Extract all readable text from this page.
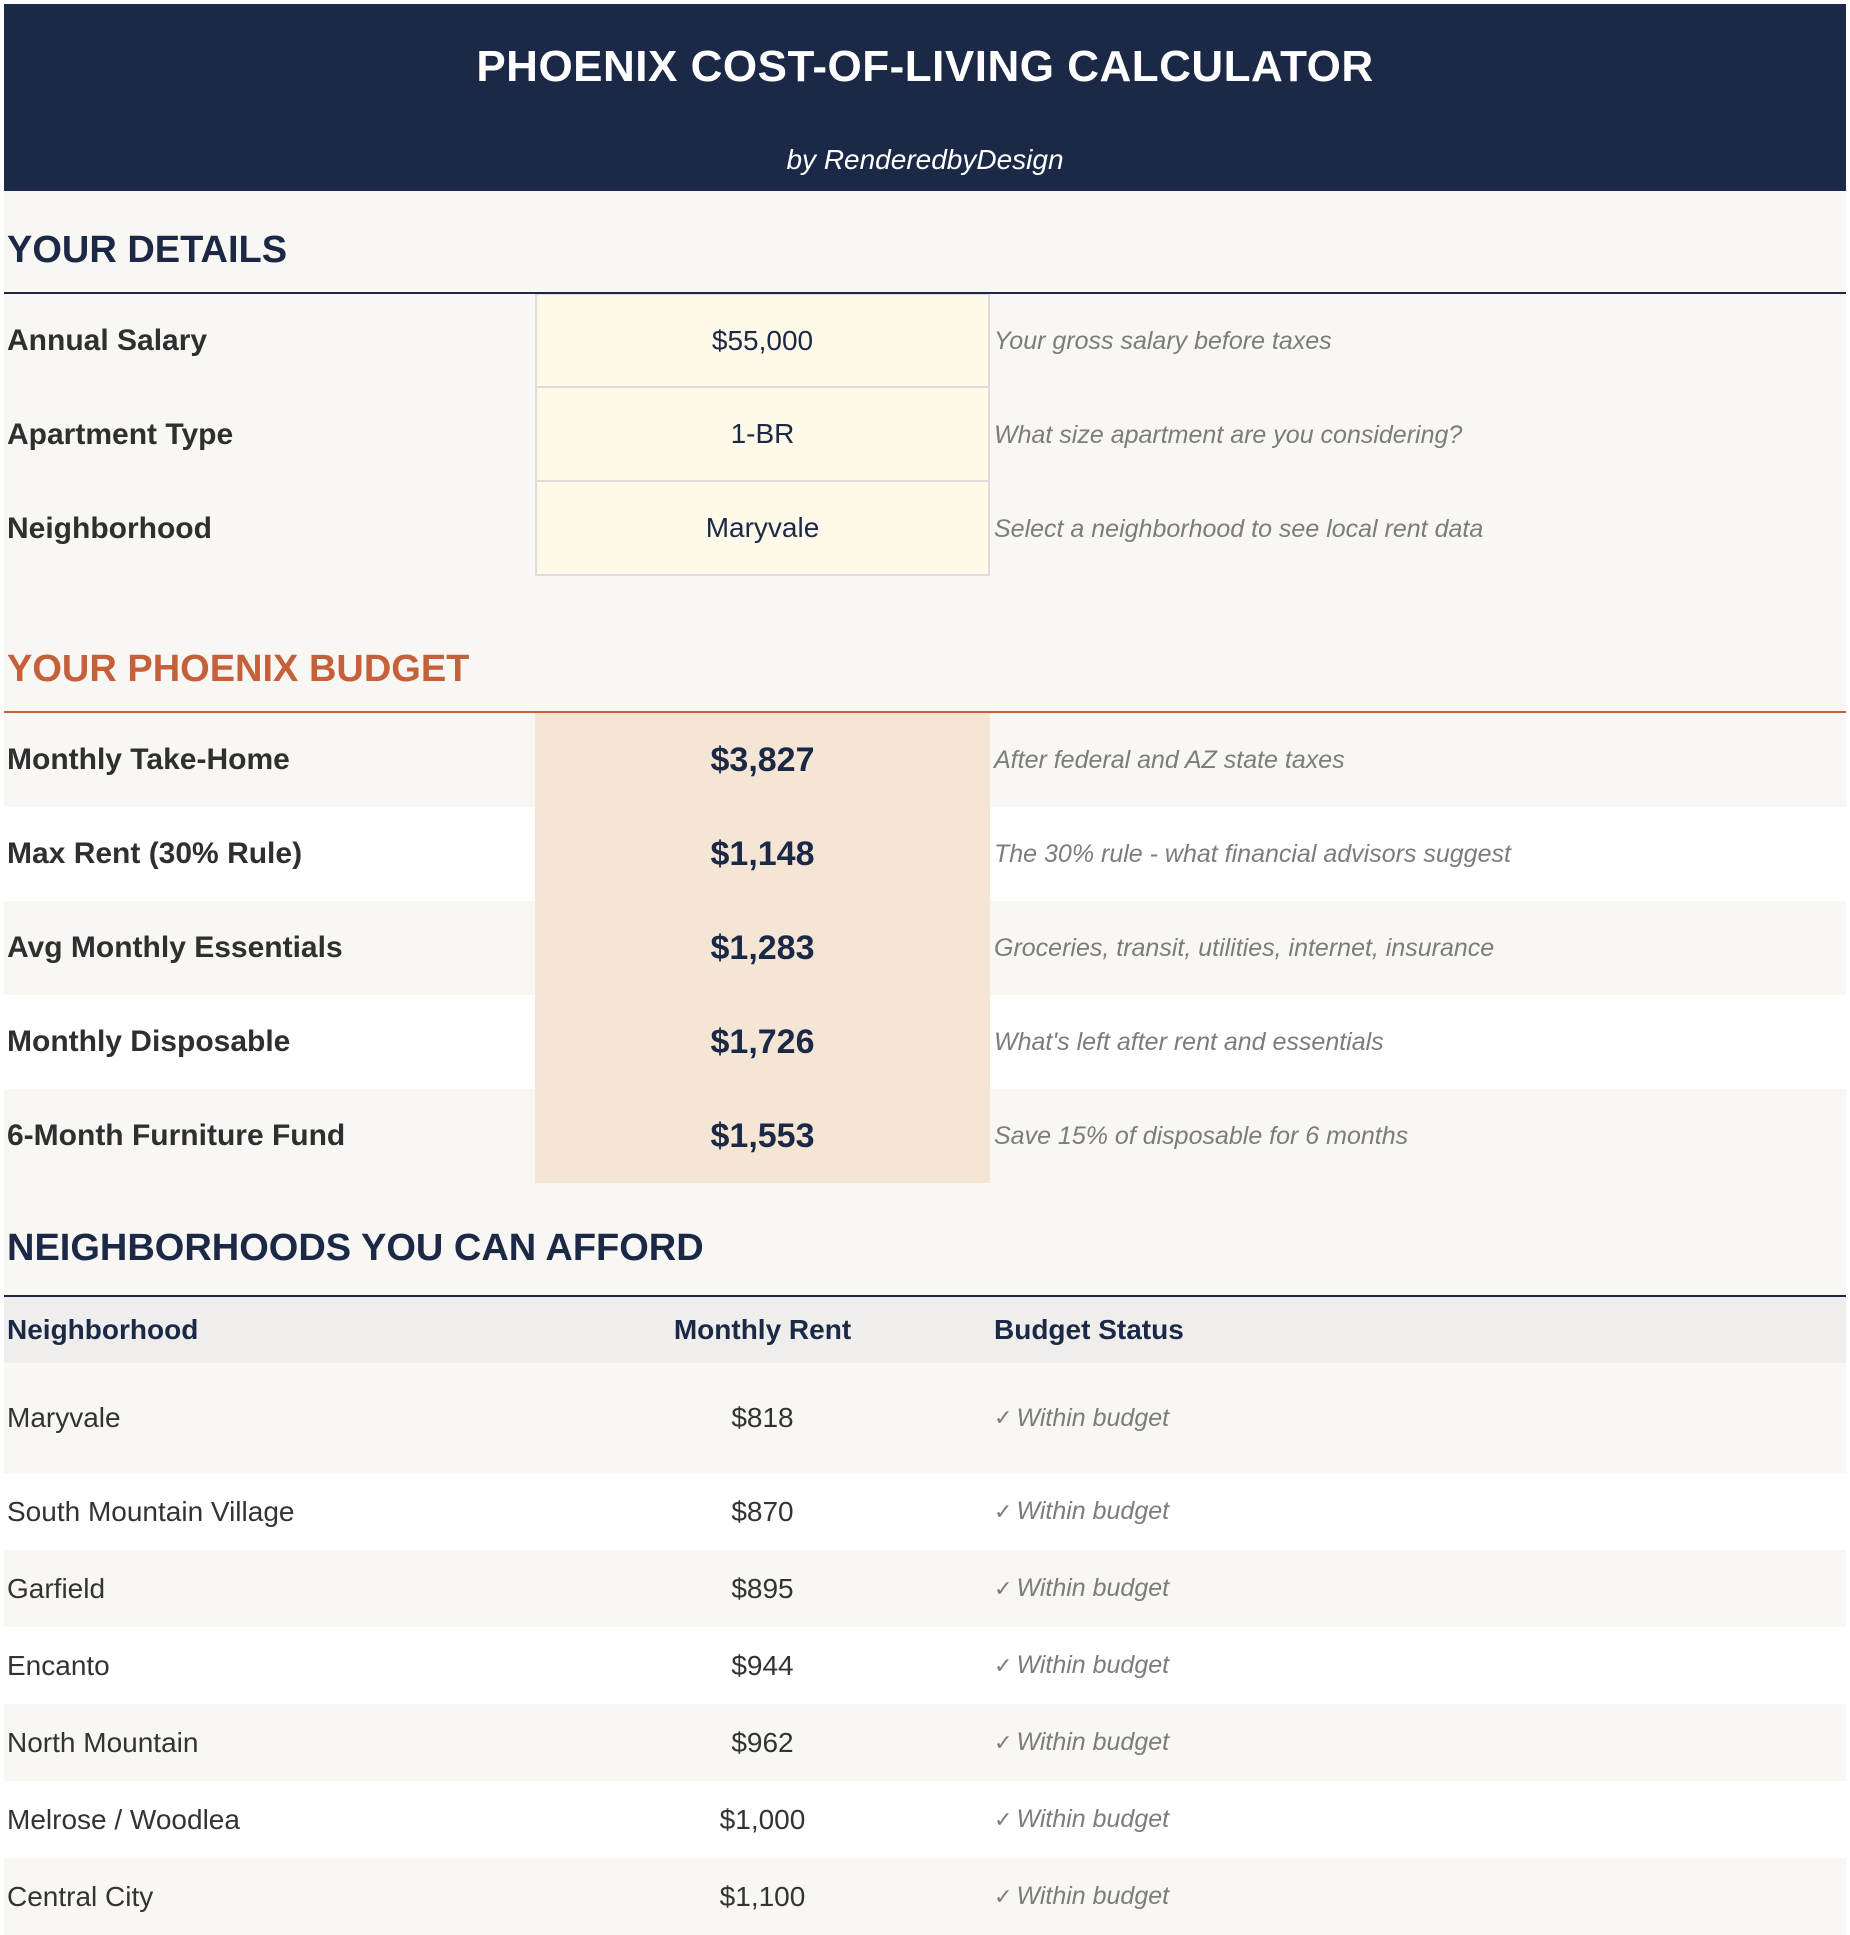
PHOENIX COST-OF-LIVING CALCULATOR
by RenderedbyDesign
YOUR DETAILS
Annual Salary	$55,000	Your gross salary before taxes
Apartment Type	1-BR	What size apartment are you considering?
Neighborhood	Maryvale	Select a neighborhood to see local rent data
YOUR PHOENIX BUDGET
Monthly Take-Home	$3,827	After federal and AZ state taxes
Max Rent (30% Rule)	$1,148	The 30% rule - what financial advisors suggest
Avg Monthly Essentials	$1,283	Groceries, transit, utilities, internet, insurance
Monthly Disposable	$1,726	What's left after rent and essentials
6-Month Furniture Fund	$1,553	Save 15% of disposable for 6 months
NEIGHBORHOODS YOU CAN AFFORD
Neighborhood	Monthly Rent	Budget Status
Maryvale	$818	✓ Within budget
South Mountain Village	$870	✓ Within budget
Garfield	$895	✓ Within budget
Encanto	$944	✓ Within budget
North Mountain	$962	✓ Within budget
Melrose / Woodlea	$1,000	✓ Within budget
Central City	$1,100	✓ Within budget
